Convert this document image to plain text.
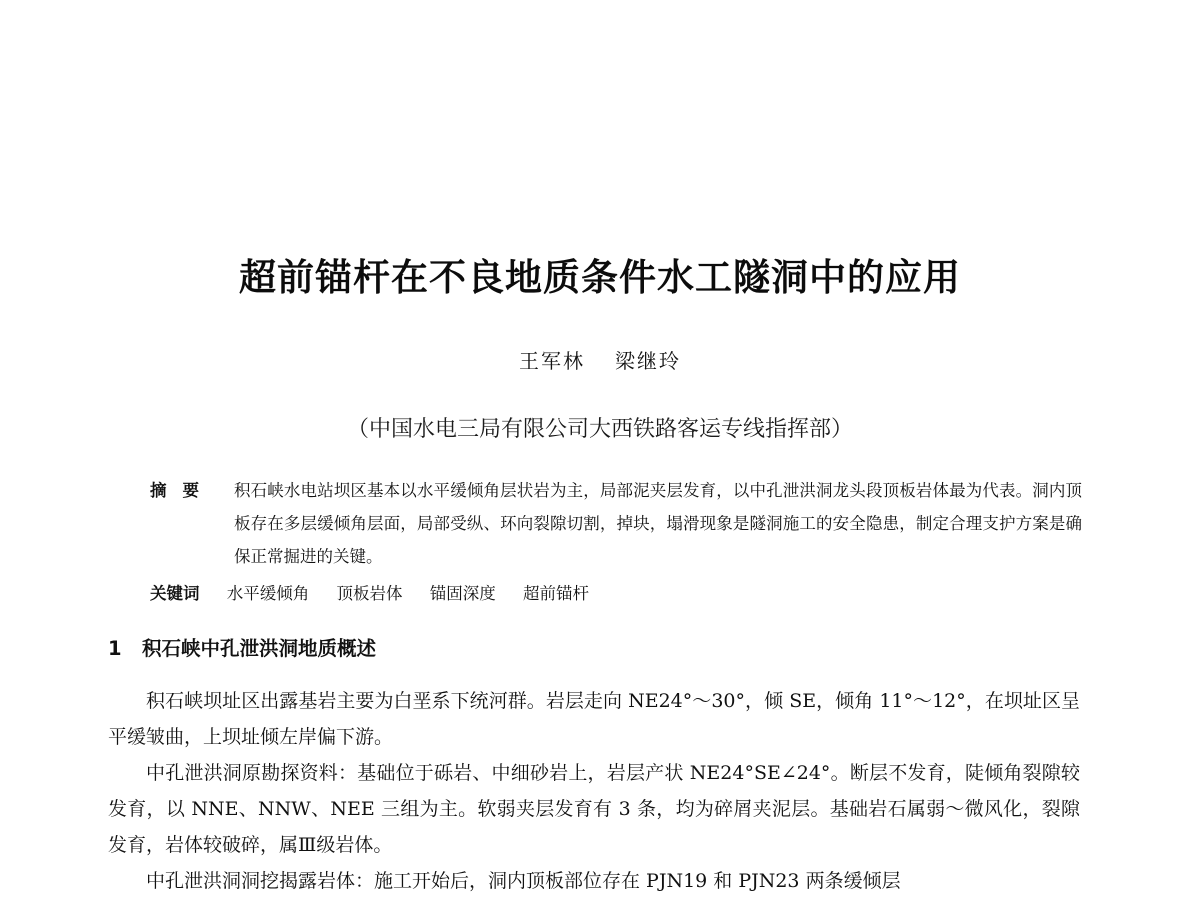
超前锚杆在不良地质条件水工隧洞中的应用
王军林 梁继玲
（中国水电三局有限公司大西铁路客运专线指挥部）
摘要 积石峡水电站坝区基本以水平缓倾角层状岩为主，局部泥夹层发育，以中孔泄洪洞龙头段顶板岩体最为代表。洞内顶板存在多层缓倾角层面，局部受纵、环向裂隙切割，掉块，塌滑现象是隧洞施工的安全隐患，制定合理支护方案是确保正常掘进的关键。
关键词 水平缓倾角 顶板岩体 锚固深度 超前锚杆
1 积石峡中孔泄洪洞地质概述

积石峡坝址区出露基岩主要为白垩系下统河群。岩层走向 NE24°～30°，倾 SE，倾角 11°～12°，在坝址区呈平缓皱曲，上坝址倾左岸偏下游。

中孔泄洪洞原勘探资料：基础位于砾岩、中细砂岩上，岩层产状 NE24°SE∠24°。断层不发育，陡倾角裂隙较发育，以 NNE、NNW、NEE 三组为主。软弱夹层发育有 3 条，均为碎屑夹泥层。基础岩石属弱～微风化，裂隙发育，岩体较破碎，属Ⅲ级岩体。

中孔泄洪洞洞挖揭露岩体：施工开始后，洞内顶板部位存在 PJN19 和 PJN23 两条缓倾层
